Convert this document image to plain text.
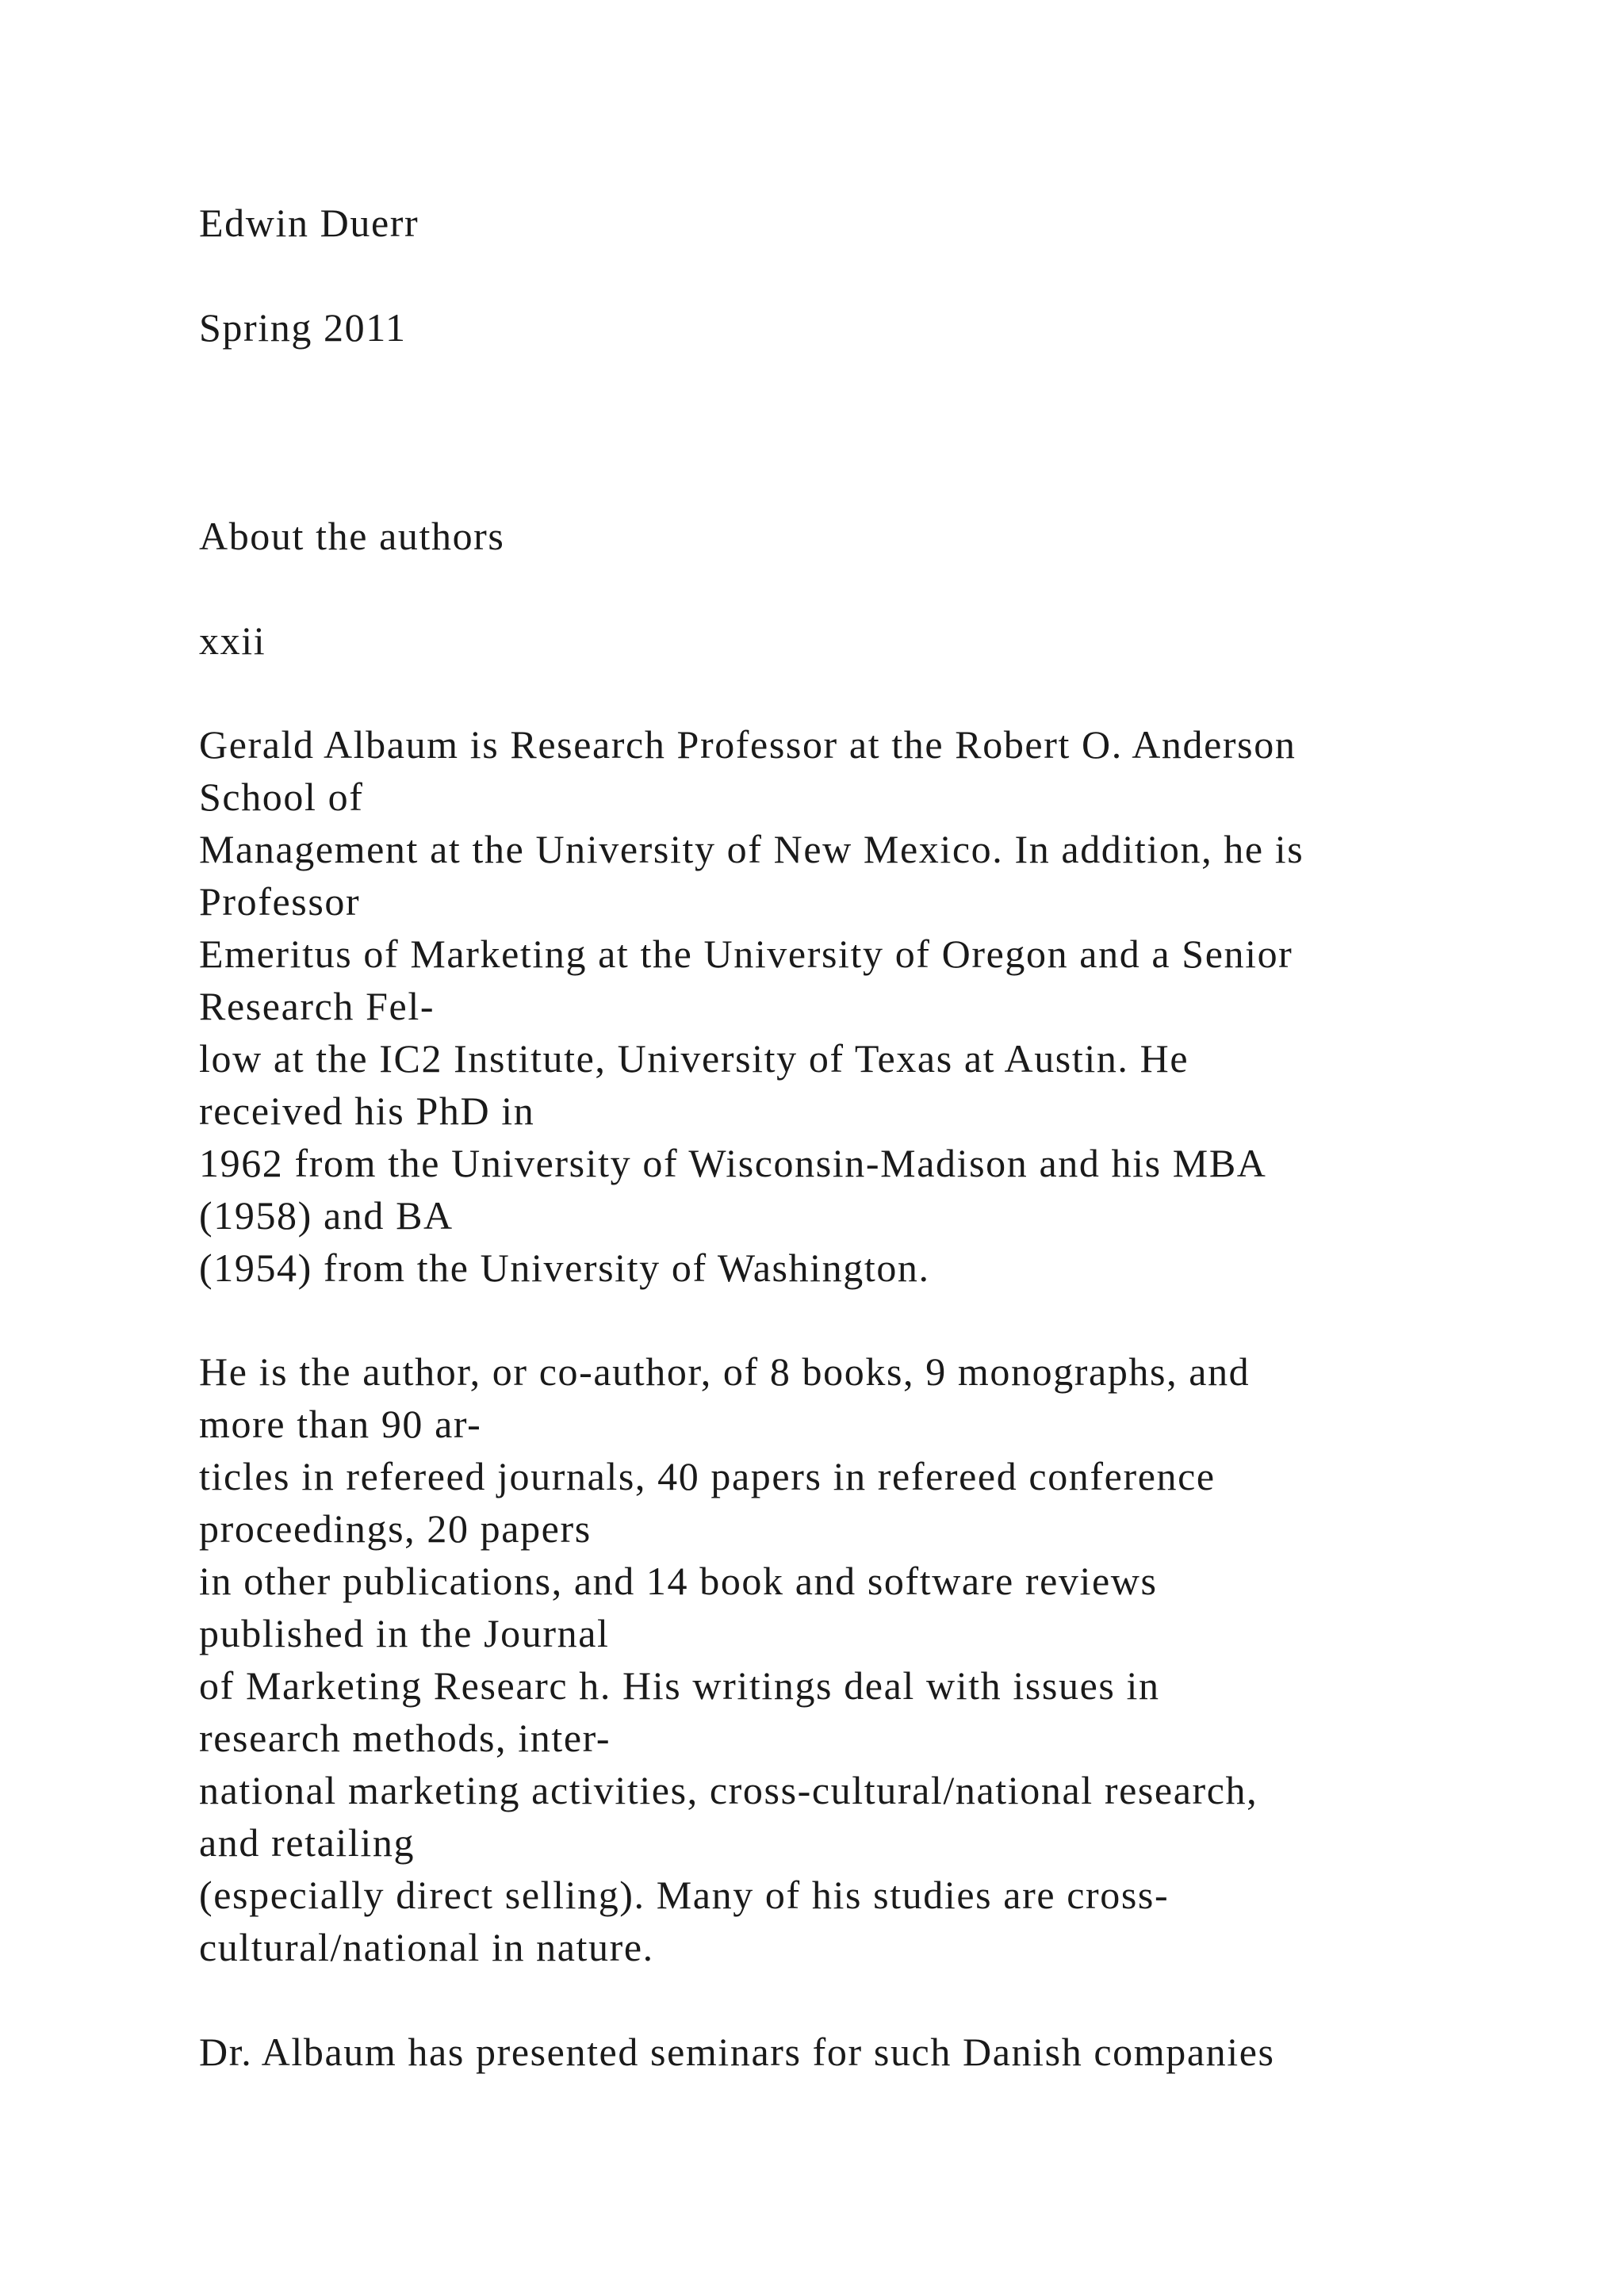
Edwin Duerr

Spring 2011

About the authors

xxii

Gerald Albaum is Research Professor at the Robert O. Anderson
School of
Management at the University of New Mexico. In addition, he is
Professor
Emeritus of Marketing at the University of Oregon and a Senior
Research Fel-
low at the IC2 Institute, University of Texas at Austin. He
received his PhD in
1962 from the University of Wisconsin-Madison and his MBA
(1958) and BA
(1954) from the University of Washington.

He is the author, or co-author, of 8 books, 9 monographs, and
more than 90 ar-
ticles in refereed journals, 40 papers in refereed conference
proceedings, 20 papers
in other publications, and 14 book and software reviews
published in the Journal
of Marketing Researc h. His writings deal with issues in
research methods, inter-
national marketing activities, cross-cultural/national research,
and retailing
(especially direct selling). Many of his studies are cross-
cultural/national in nature.

Dr. Albaum has presented seminars for such Danish companies
